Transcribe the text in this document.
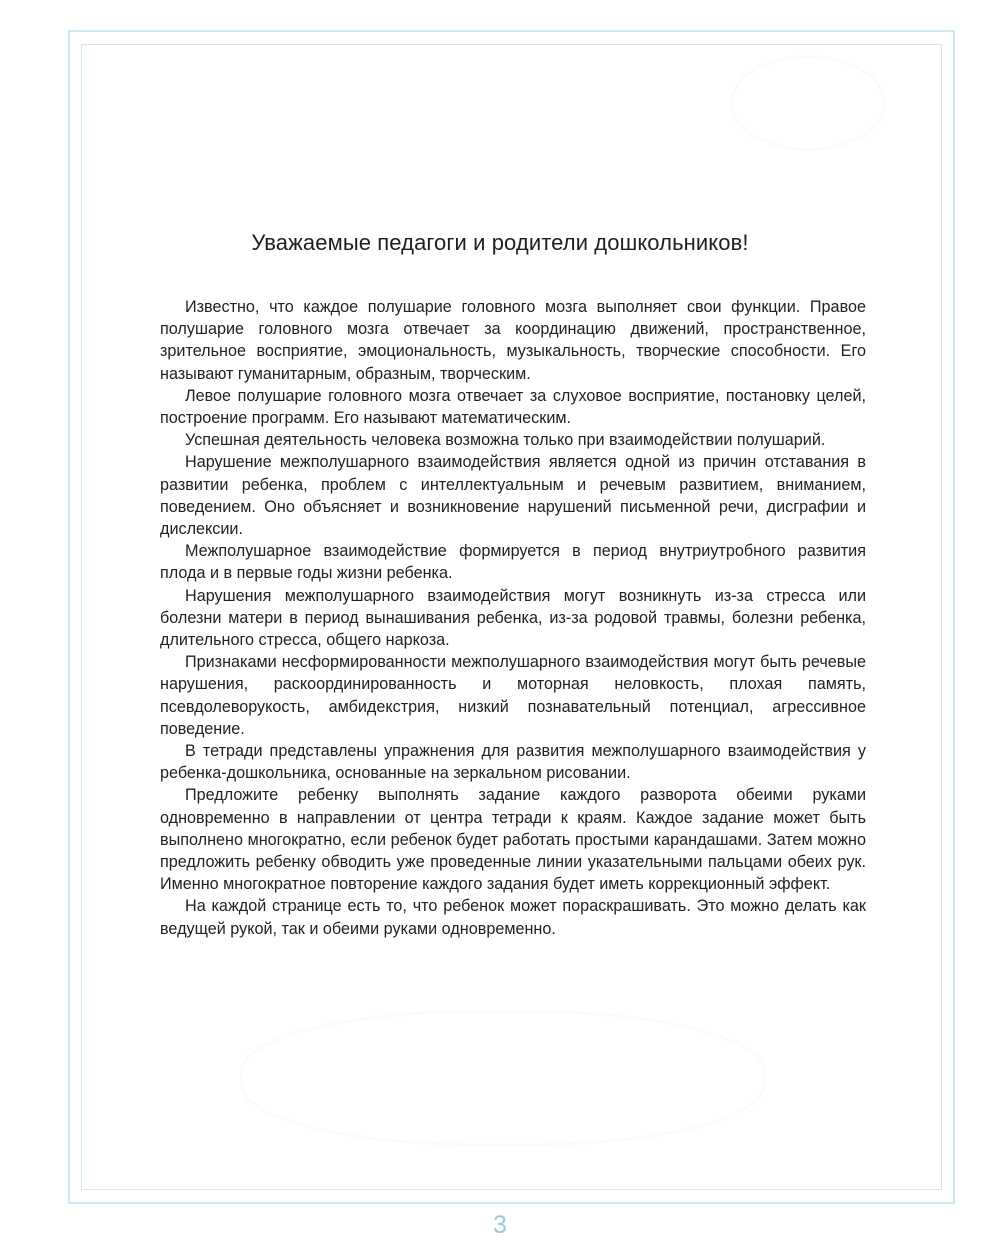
Уважаемые педагоги и родители дошкольников!

Известно, что каждое полушарие головного мозга выполняет свои функции. Правое полушарие головного мозга отвечает за координацию движений, пространственное, зрительное восприятие, эмоциональность, музыкальность, творческие способности. Его называют гуманитарным, образным, творческим.

Левое полушарие головного мозга отвечает за слуховое восприятие, постановку целей, построение программ. Его называют математическим.

Успешная деятельность человека возможна только при взаимодействии полушарий.

Нарушение межполушарного взаимодействия является одной из причин отставания в развитии ребенка, проблем с интеллектуальным и речевым развитием, вниманием, поведением. Оно объясняет и возникновение нарушений письменной речи, дисграфии и дислексии.

Межполушарное взаимодействие формируется в период внутриутробного развития плода и в первые годы жизни ребенка.

Нарушения межполушарного взаимодействия могут возникнуть из-за стресса или болезни матери в период вынашивания ребенка, из-за родовой травмы, болезни ребенка, длительного стресса, общего наркоза.

Признаками несформированности межполушарного взаимодействия могут быть речевые нарушения, раскоординированность и моторная неловкость, плохая память, псевдолеворукость, амбидекстрия, низкий познавательный потенциал, агрессивное поведение.

В тетради представлены упражнения для развития межполушарного взаимодействия у ребенка-дошкольника, основанные на зеркальном рисовании.

Предложите ребенку выполнять задание каждого разворота обеими руками одновременно в направлении от центра тетради к краям. Каждое задание может быть выполнено многократно, если ребенок будет работать простыми карандашами. Затем можно предложить ребенку обводить уже проведенные линии указательными пальцами обеих рук. Именно многократное повторение каждого задания будет иметь коррекционный эффект.

На каждой странице есть то, что ребенок может пораскрашивать. Это можно делать как ведущей рукой, так и обеими руками одновременно.

3
